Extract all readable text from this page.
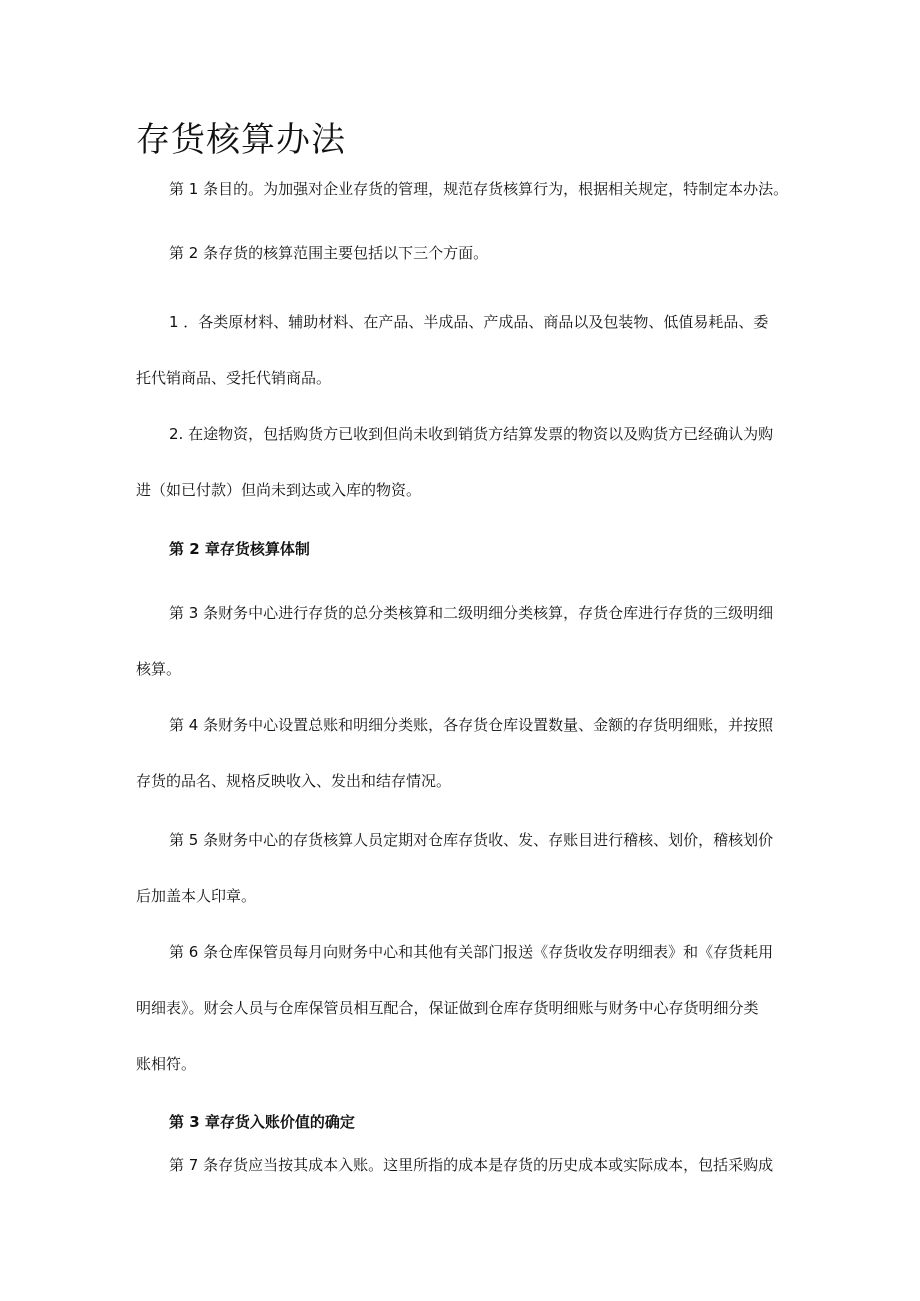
存货核算办法

第 1 条目的。为加强对企业存货的管理，规范存货核算行为，根据相关规定，特制定本办法。

第 2 条存货的核算范围主要包括以下三个方面。

1 ．各类原材料、辅助材料、在产品、半成品、产成品、商品以及包装物、低值易耗品、委
托代销商品、受托代销商品。

2. 在途物资，包括购货方已收到但尚未收到销货方结算发票的物资以及购货方已经确认为购
进（如已付款）但尚未到达或入库的物资。

第 2 章存货核算体制

第 3 条财务中心进行存货的总分类核算和二级明细分类核算，存货仓库进行存货的三级明细
核算。

第 4 条财务中心设置总账和明细分类账，各存货仓库设置数量、金额的存货明细账，并按照
存货的品名、规格反映收入、发出和结存情况。

第 5 条财务中心的存货核算人员定期对仓库存货收、发、存账目进行稽核、划价，稽核划价
后加盖本人印章。

第 6 条仓库保管员每月向财务中心和其他有关部门报送《存货收发存明细表》和《存货耗用
明细表》。财会人员与仓库保管员相互配合，保证做到仓库存货明细账与财务中心存货明细分类
账相符。

第 3 章存货入账价值的确定

第 7 条存货应当按其成本入账。这里所指的成本是存货的历史成本或实际成本，包括采购成
